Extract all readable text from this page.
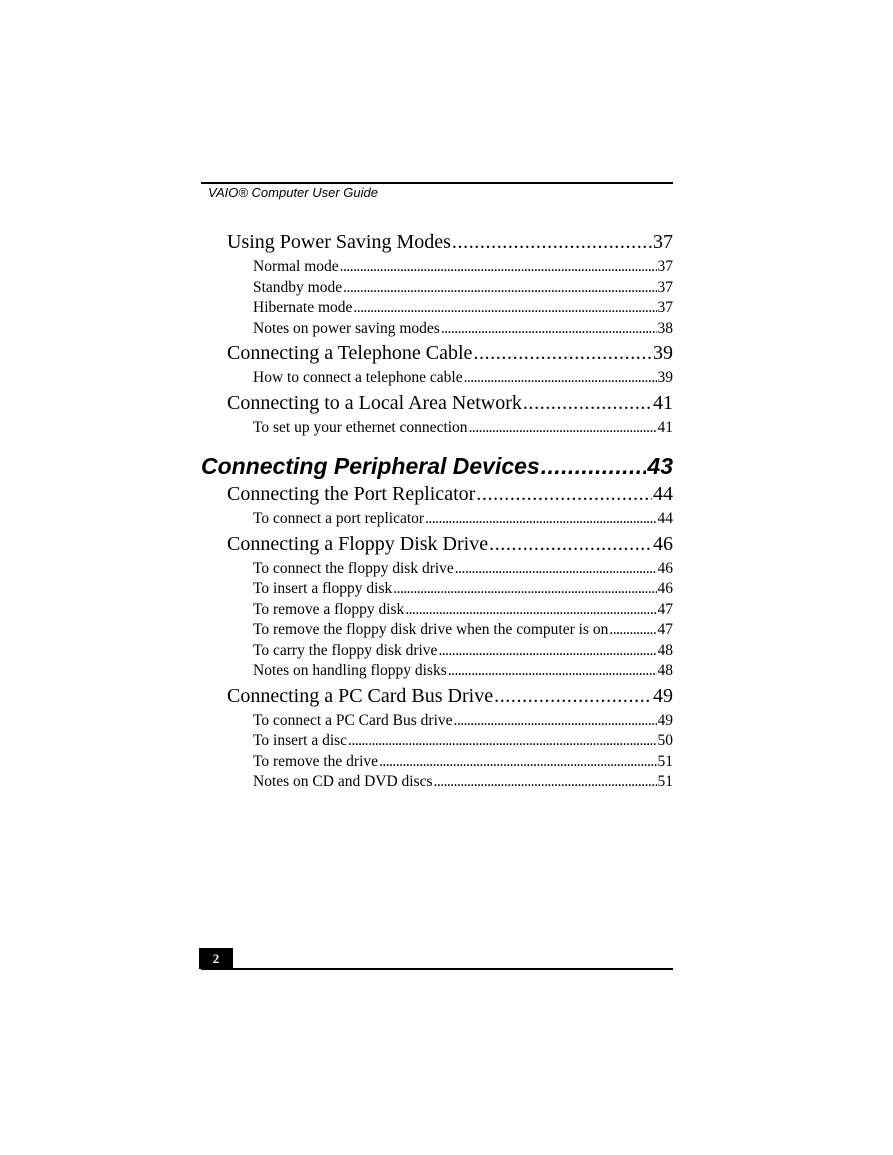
VAIO® Computer User Guide
Using Power Saving Modes . . .	37
Normal mode . . .	37
Standby mode . . .	37
Hibernate mode . . .	37
Notes on power saving modes . . .	38
Connecting a Telephone Cable . . .	39
How to connect a telephone cable . . .	39
Connecting to a Local Area Network . . .	41
To set up your ethernet connection . . .	41
Connecting Peripheral Devices . . .	43
Connecting the Port Replicator . . .	44
To connect a port replicator . . .	44
Connecting a Floppy Disk Drive . . .	46
To connect the floppy disk drive . . .	46
To insert a floppy disk . . .	46
To remove a floppy disk . . .	47
To remove the floppy disk drive when the computer is on . . .	47
To carry the floppy disk drive . . .	48
Notes on handling floppy disks . . .	48
Connecting a PC Card Bus Drive . . .	49
To connect a PC Card Bus drive . . .	49
To insert a disc . . .	50
To remove the drive . . .	51
Notes on CD and DVD discs . . .	51
2
